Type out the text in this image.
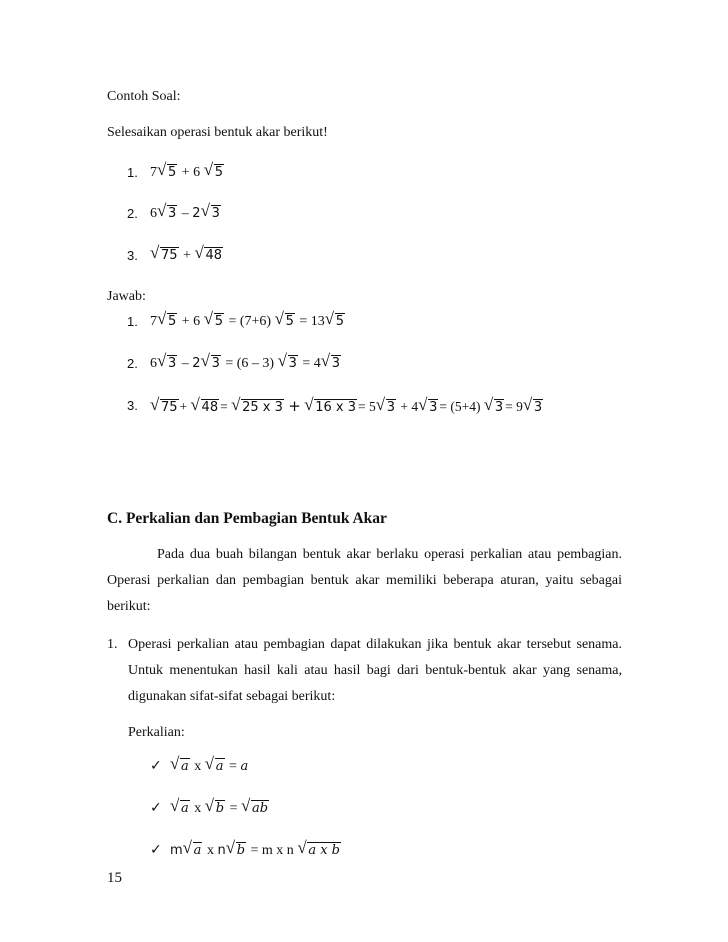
Contoh Soal:
Selesaikan operasi bentuk akar berikut!
1. 7 √ 5 + 6 √ 5
2. 6 √ 3 – 2 √ 3
3. √ 75 + √ 48
Jawab:
1. 7 √ 5 + 6 √ 5 = (7+6) √ 5 = 13 √ 5
2. 6 √ 3 – 2 √ 3 = (6 – 3) √ 3 = 4 √ 3
3. √ 75 + √ 48 = √ 25 x 3 + √ 16 x 3 = 5 √ 3 + 4 √ 3 = (5+4) √ 3 = 9 √ 3
C. Perkalian dan Pembagian Bentuk Akar
Pada dua buah bilangan bentuk akar berlaku operasi perkalian atau pembagian.
Operasi perkalian dan pembagian bentuk akar memiliki beberapa aturan, yaitu sebagai
berikut:
1. Operasi perkalian atau pembagian dapat dilakukan jika bentuk akar tersebut senama.
Untuk menentukan hasil kali atau hasil bagi dari bentuk-bentuk akar yang senama,
digunakan sifat-sifat sebagai berikut:
Perkalian:
✓ √ a x √ a = a
✓ √ a x √ b = √ ab
✓ m √ a x n √ b = m x n √ a x b
15
